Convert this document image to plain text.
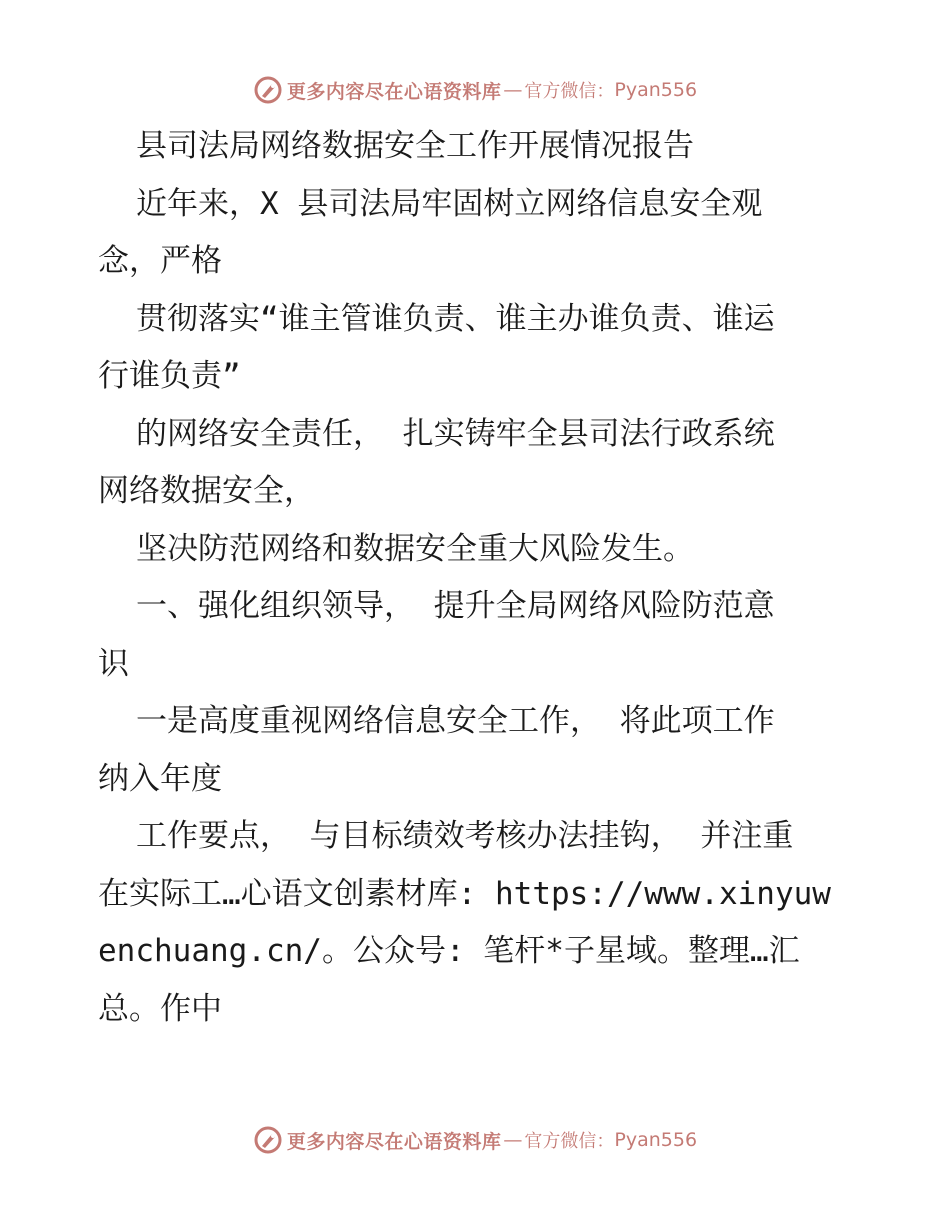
更多内容尽在心语资料库 — 官方微信： Pyan556
县司法局网络数据安全工作开展情况报告
近年来，X 县司法局牢固树立网络信息安全观
念，严格
贯彻落实“谁主管谁负责、谁主办谁负责、谁运
行谁负责”
的网络安全责任， 扎实铸牢全县司法行政系统
网络数据安全，
坚决防范网络和数据安全重大风险发生。
一、强化组织领导， 提升全局网络风险防范意
识
一是高度重视网络信息安全工作， 将此项工作
纳入年度
工作要点， 与目标绩效考核办法挂钩， 并注重
在实际工…心语文创素材库: https://www.xinyuw
enchuang.cn/。公众号: 笔杆*子星域。整理…汇
总。作中
更多内容尽在心语资料库 — 官方微信： Pyan556
